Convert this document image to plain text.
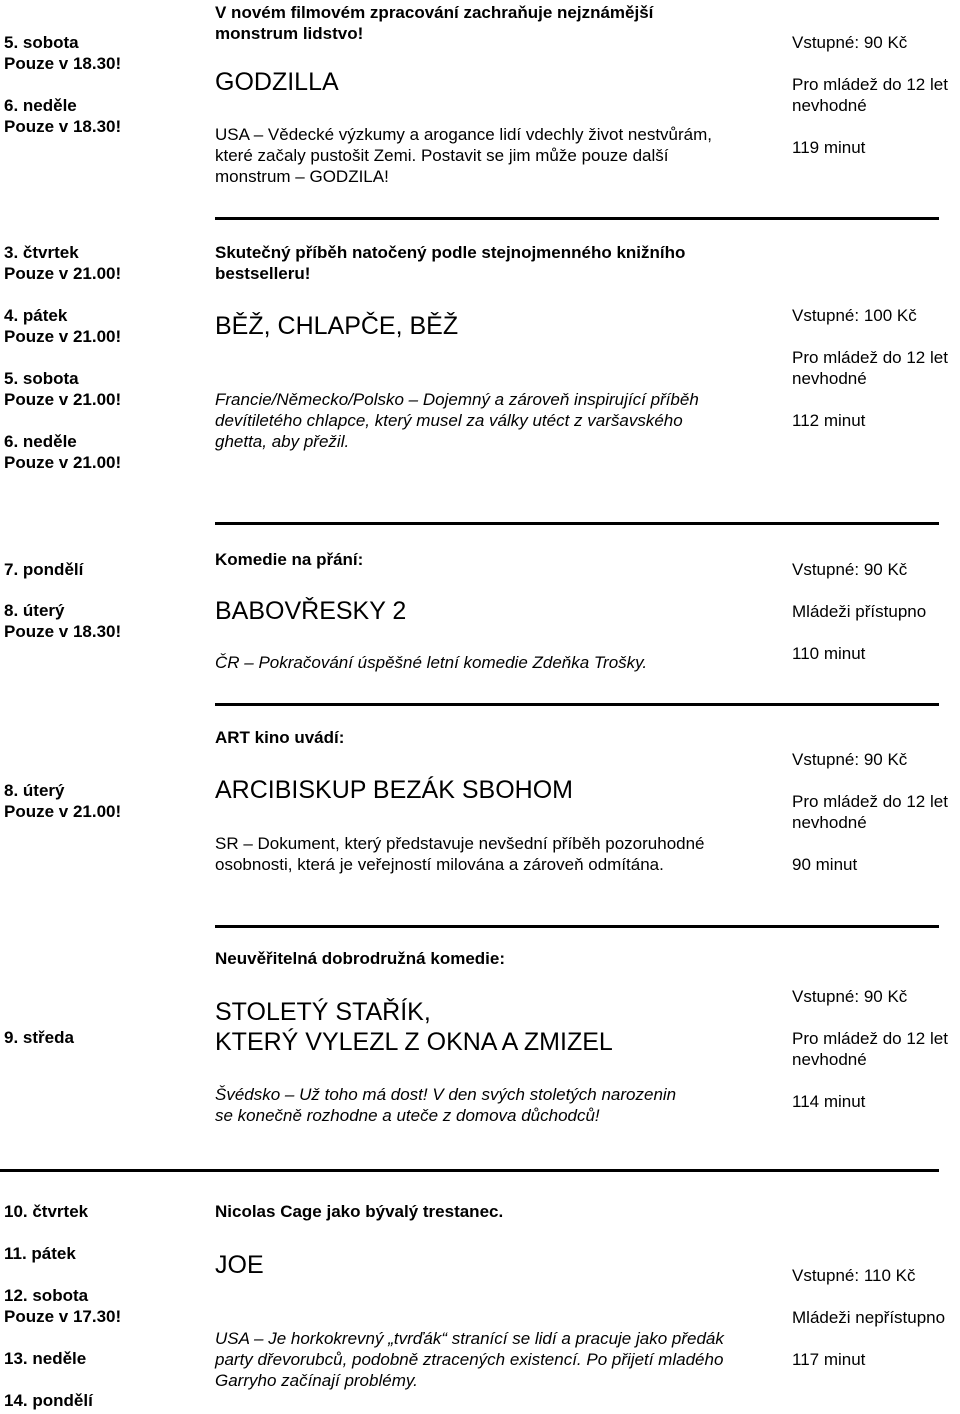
5. sobota
Pouze v 18.30!
6. neděle
Pouze v 18.30!
V novém filmovém zpracování zachraňuje nejznámější
monstrum lidstvo!
GODZILLA
USA – Vědecké výzkumy a arogance lidí vdechly život nestvůrám,
které začaly pustošit Zemi. Postavit se jim může pouze další
monstrum – GODZILA!
Vstupné: 90 Kč
Pro mládež do 12 let
nevhodné
119 minut
3. čtvrtek
Pouze v 21.00!
4. pátek
Pouze v 21.00!
5. sobota
Pouze v 21.00!
6. neděle
Pouze v 21.00!
Skutečný příběh natočený podle stejnojmenného knižního
bestselleru!
BĚŽ, CHLAPČE, BĚŽ
Francie/Německo/Polsko – Dojemný a zároveň inspirující příběh
devítiletého chlapce, který musel za války utéct z varšavského
ghetta, aby přežil.
Vstupné: 100 Kč
Pro mládež do 12 let
nevhodné
112 minut
7. pondělí
8. úterý
Pouze v 18.30!
Komedie na přání:
BABOVŘESKY 2
ČR – Pokračování úspěšné letní komedie Zdeňka Trošky.
Vstupné: 90 Kč
Mládeži přístupno
110 minut
8. úterý
Pouze v 21.00!
ART kino uvádí:
ARCIBISKUP BEZÁK SBOHOM
SR – Dokument, který představuje nevšední příběh pozoruhodné
osobnosti, která je veřejností milována a zároveň odmítána.
Vstupné: 90 Kč
Pro mládež do 12 let
nevhodné
90 minut
9. středa
Neuvěřitelná dobrodružná komedie:
STOLETÝ STAŘÍK,
KTERÝ VYLEZL Z OKNA A ZMIZEL
Švédsko – Už toho má dost! V den svých stoletých narozenin
se konečně rozhodne a uteče z domova důchodců!
Vstupné: 90 Kč
Pro mládež do 12 let
nevhodné
114 minut
10. čtvrtek
11. pátek
12. sobota
Pouze v 17.30!
13. neděle
14. pondělí
Nicolas Cage jako bývalý trestanec.
JOE
USA – Je horkokrevný „tvrďák“ stranící se lidí a pracuje jako předák
party dřevorubců, podobně ztracených existencí. Po přijetí mladého
Garryho začínají problémy.
Vstupné: 110 Kč
Mládeži nepřístupno
117 minut
